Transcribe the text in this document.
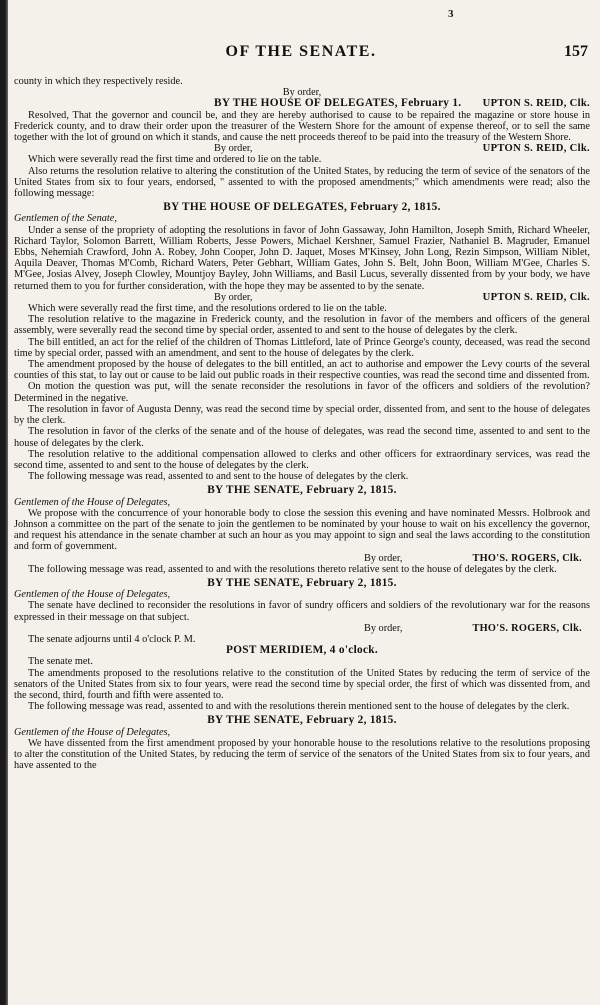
3
OF THE SENATE.	157

county in which they respectively reside.

By order,

BY THE HOUSE OF DELEGATES, February 1. UPTON S. REID, Clk.

Resolved, That the governor and council be, and they are hereby authorised to cause to be repaired the magazine or store house in Frederick county, and to draw their order upon the treasurer of the Western Shore for the amount of expense thereof, or to sell the same together with the lot of ground on which it stands, and cause the nett proceeds thereof to be paid into the treasury of the Western Shore.

By order,	UPTON S. REID, Clk.

Which were severally read the first time and ordered to lie on the table.

Also returns the resolution relative to altering the constitution of the United States, by reducing the term of sevice of the senators of the United States from six to four years, endorsed, " assented to with the proposed amendments;" which amendments were read; also the following message:

BY THE HOUSE OF DELEGATES, February 2, 1815.

Gentlemen of the Senate,

Under a sense of the propriety of adopting the resolutions in favor of John Gassaway, John Hamilton, Joseph Smith, Richard Wheeler, Richard Taylor, Solomon Barrett, William Roberts, Jesse Powers, Michael Kershner, Samuel Frazier, Nathaniel B. Magruder, Emanuel Ebbs, Nehemiah Crawford, John A. Robey, John Cooper, John D. Jaquet, Moses M'Kinsey, John Long, Rezin Simpson, William Niblet, Aquila Deaver, Thomas M'Comb, Richard Waters, Peter Gebhart, William Gates, John S. Belt, John Boon, William M'Gee, Charles S. M'Gee, Josias Alvey, Joseph Clowley, Mountjoy Bayley, John Williams, and Basil Lucus, severally dissented from by your body, we have returned them to you for further consideration, with the hope they may be assented to by the senate.

By order,	UPTON S. REID, Clk.

Which were severally read the first time, and the resolutions ordered to lie on the table.

The resolution relative to the magazine in Frederick county, and the resolution in favor of the members and officers of the general assembly, were severally read the second time by special order, assented to and sent to the house of delegates by the clerk.

The bill entitled, an act for the relief of the children of Thomas Littleford, late of Prince George's county, deceased, was read the second time by special order, passed with an amendment, and sent to the house of delegates by the clerk.

The amendment proposed by the house of delegates to the bill entitled, an act to authorise and empower the Levy courts of the several counties of this stat, to lay out or cause to be laid out public roads in their respective counties, was read the second time and dissented from.

On motion the question was put, will the senate reconsider the resolutions in favor of the officers and soldiers of the revolution? Determined in the negative.

The resolution in favor of Augusta Denny, was read the second time by special order, dissented from, and sent to the house of delegates by the clerk.

The resolution in favor of the clerks of the senate and of the house of delegates, was read the second time, assented to and sent to the house of delegates by the clerk.

The resolution relative to the additional compensation allowed to clerks and other officers for extraordinary services, was read the second time, assented to and sent to the house of delegates by the clerk.

The following message was read, assented to and sent to the house of delegates by the clerk.

BY THE SENATE, February 2, 1815.

Gentlemen of the House of Delegates,

We propose with the concurrence of your honorable body to close the session this evening and have nominated Messrs. Holbrook and Johnson a committee on the part of the senate to join the gentlemen to be nominated by your house to wait on his excellency the governor, and request his attendance in the senate chamber at such an hour as you may appoint to sign and seal the laws according to the constitution and form of government.

By order,	THO'S. ROGERS, Clk.

The following message was read, assented to and with the resolutions thereto relative sent to the house of delegates by the clerk.

BY THE SENATE, February 2, 1815.

Gentlemen of the House of Delegates,

The senate have declined to reconsider the resolutions in favor of sundry officers and soldiers of the revolutionary war for the reasons expressed in their message on that subject.

By order,	THO'S. ROGERS, Clk.

The senate adjourns until 4 o'clock P. M.

POST MERIDIEM, 4 o'clock.

The senate met.

The amendments proposed to the resolutions relative to the constitution of the United States by reducing the term of service of the senators of the United States from six to four years, were read the second time by special order, the first of which was dissented from, and the second, third, fourth and fifth were assented to.

The following message was read, assented to and with the resolutions therein mentioned sent to the house of delegates by the clerk.

BY THE SENATE, February 2, 1815.

Gentlemen of the House of Delegates,

We have dissented from the first amendment proposed by your honorable house to the resolutions relative to the resolutions proposing to alter the constitution of the United States, by reducing the term of service of the senators of the United States from six to four years, and have assented to the
